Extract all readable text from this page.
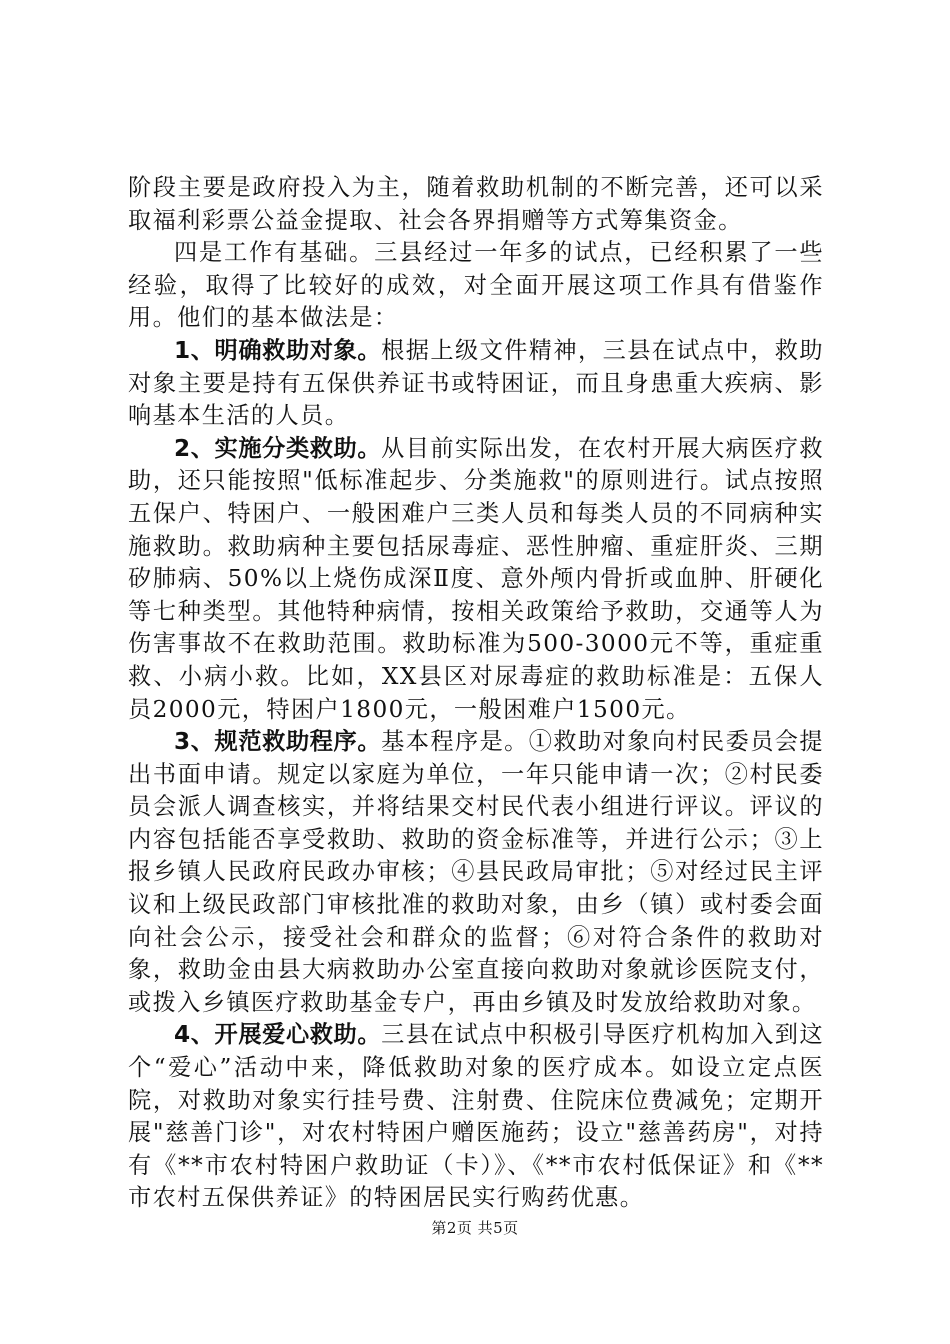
阶段主要是政府投入为主，随着救助机制的不断完善，还可以采取福利彩票公益金提取、社会各界捐赠等方式筹集资金。

四是工作有基础。三县经过一年多的试点，已经积累了一些经验，取得了比较好的成效，对全面开展这项工作具有借鉴作用。他们的基本做法是：

1、明确救助对象。根据上级文件精神，三县在试点中，救助对象主要是持有五保供养证书或特困证，而且身患重大疾病、影响基本生活的人员。

2、实施分类救助。从目前实际出发，在农村开展大病医疗救助，还只能按照"低标准起步、分类施救"的原则进行。试点按照五保户、特困户、一般困难户三类人员和每类人员的不同病种实施救助。救助病种主要包括尿毒症、恶性肿瘤、重症肝炎、三期矽肺病、50%以上烧伤成深Ⅱ度、意外颅内骨折或血肿、肝硬化等七种类型。其他特种病情，按相关政策给予救助，交通等人为伤害事故不在救助范围。救助标准为500-3000元不等，重症重救、小病小救。比如，XX县区对尿毒症的救助标准是：五保人员2000元，特困户1800元，一般困难户1500元。

3、规范救助程序。基本程序是。①救助对象向村民委员会提出书面申请。规定以家庭为单位，一年只能申请一次；②村民委员会派人调查核实，并将结果交村民代表小组进行评议。评议的内容包括能否享受救助、救助的资金标准等，并进行公示；③上报乡镇人民政府民政办审核；④县民政局审批；⑤对经过民主评议和上级民政部门审核批准的救助对象，由乡（镇）或村委会面向社会公示，接受社会和群众的监督；⑥对符合条件的救助对象，救助金由县大病救助办公室直接向救助对象就诊医院支付，或拨入乡镇医疗救助基金专户，再由乡镇及时发放给救助对象。

4、开展爱心救助。三县在试点中积极引导医疗机构加入到这个“爱心”活动中来，降低救助对象的医疗成本。如设立定点医院，对救助对象实行挂号费、注射费、住院床位费减免；定期开展"慈善门诊"，对农村特困户赠医施药；设立"慈善药房"，对持有《**市农村特困户救助证（卡）》、《**市农村低保证》和《**市农村五保供养证》的特困居民实行购药优惠。

第2页 共5页
